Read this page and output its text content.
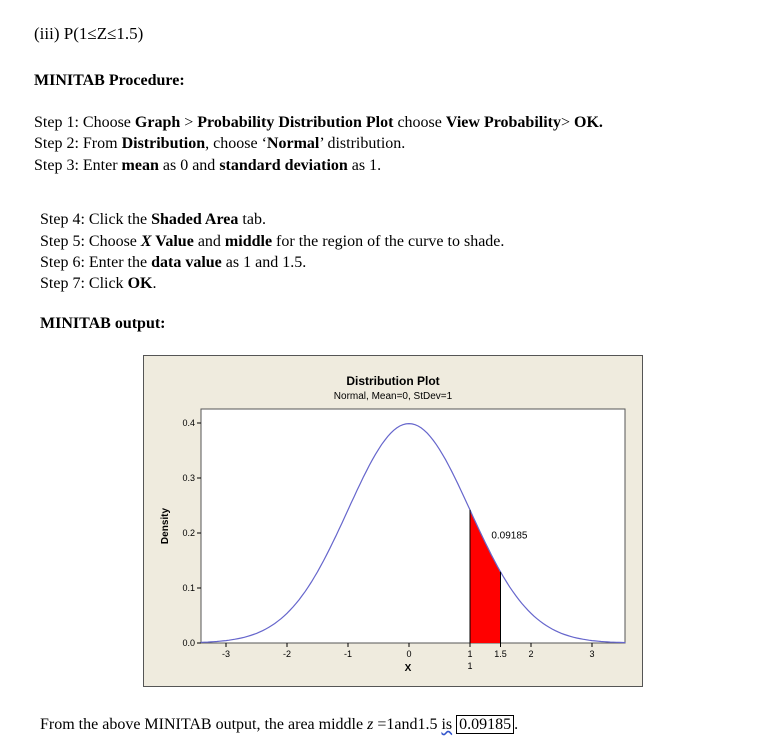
(iii) P(1≤Z≤1.5)
MINITAB Procedure:
Step 1: Choose Graph > Probability Distribution Plot choose View Probability> OK.
Step 2: From Distribution, choose ‘Normal’ distribution.
Step 3: Enter mean as 0 and standard deviation as 1.
Step 4: Click the Shaded Area tab.
Step 5: Choose X Value and middle for the region of the curve to shade.
Step 6: Enter the data value as 1 and 1.5.
Step 7: Click OK.
MINITAB output:
Distribution Plot
Normal, Mean=0, StDev=1
0.09185
0.0
0.1
0.2
0.3
0.4
-3	-2	-1	0	1 1.5 2	3
1
X
Density
From the above MINITAB output, the area middle z =1and1.5 is 0.09185 .
